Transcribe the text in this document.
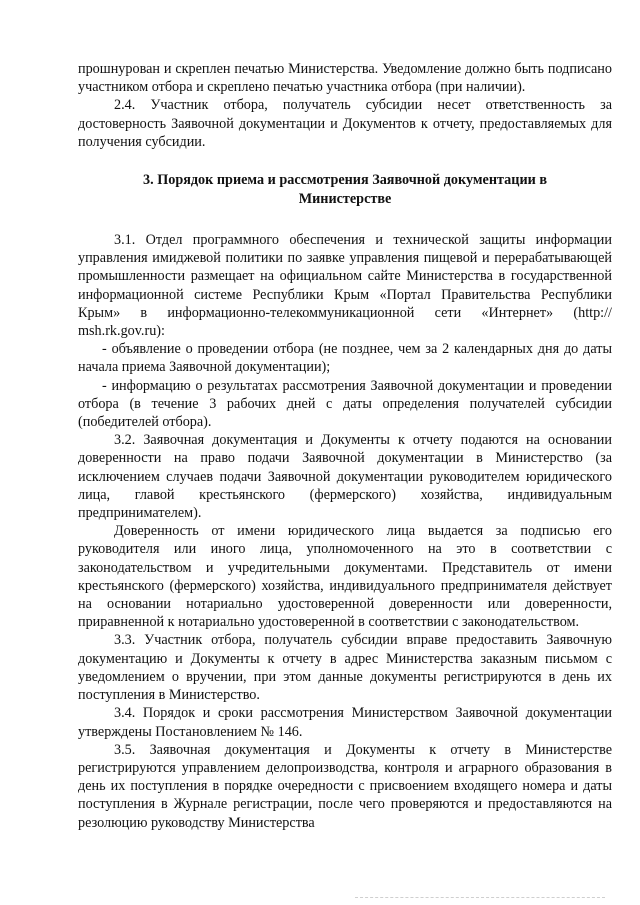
прошнурован и скреплен печатью Министерства. Уведомление должно быть подписано участником отбора и скреплено печатью участника отбора (при наличии).

2.4. Участник отбора, получатель субсидии несет ответственность за достоверность Заявочной документации и Документов к отчету, предоставляемых для получения субсидии.

3. Порядок приема и рассмотрения Заявочной документации в Министерстве

3.1. Отдел программного обеспечения и технической защиты информации управления имиджевой политики по заявке управления пищевой и перерабатывающей промышленности размещает на официальном сайте Министерства в государственной информационной системе Республики Крым «Портал Правительства Республики Крым» в информационно-телекоммуникационной сети «Интернет» (http:// msh.rk.gov.ru):

- объявление о проведении отбора (не позднее, чем за 2 календарных дня до даты начала приема Заявочной документации);

- информацию о результатах рассмотрения Заявочной документации и проведении отбора (в течение 3 рабочих дней с даты определения получателей субсидии (победителей отбора).

3.2. Заявочная документация и Документы к отчету подаются на основании доверенности на право подачи Заявочной документации в Министерство (за исключением случаев подачи Заявочной документации руководителем юридического лица, главой крестьянского (фермерского) хозяйства, индивидуальным предпринимателем).

Доверенность от имени юридического лица выдается за подписью его руководителя или иного лица, уполномоченного на это в соответствии с законодательством и учредительными документами. Представитель от имени крестьянского (фермерского) хозяйства, индивидуального предпринимателя действует на основании нотариально удостоверенной доверенности или доверенности, приравненной к нотариально удостоверенной в соответствии с законодательством.

3.3. Участник отбора, получатель субсидии вправе предоставить Заявочную документацию и Документы к отчету в адрес Министерства заказным письмом с уведомлением о вручении, при этом данные документы регистрируются в день их поступления в Министерство.

3.4. Порядок и сроки рассмотрения Министерством Заявочной документации утверждены Постановлением № 146.

3.5. Заявочная документация и Документы к отчету в Министерстве регистрируются управлением делопроизводства, контроля и аграрного образования в день их поступления в порядке очередности с присвоением входящего номера и даты поступления в Журнале регистрации, после чего проверяются и предоставляются на резолюцию руководству Министерства
